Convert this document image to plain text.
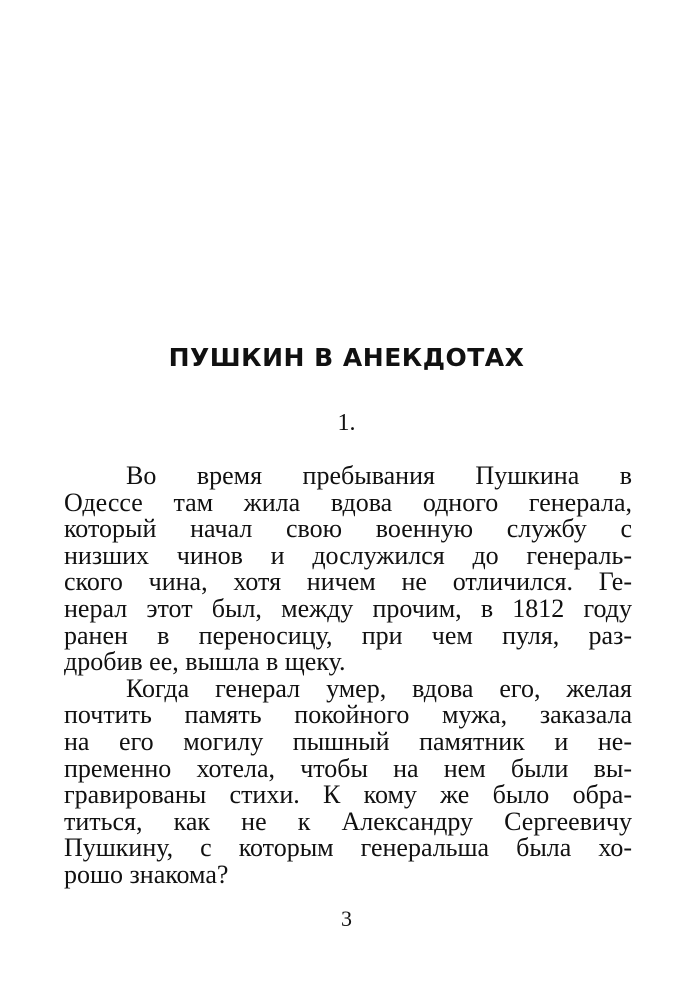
ПУШКИН В АНЕКДОТАХ
1.
Во время пребывания Пушкина в
Одессе там жила вдова одного генерала,
который начал свою военную службу с
низших чинов и дослужился до генераль-
ского чина, хотя ничем не отличился. Ге-
нерал этот был, между прочим, в 1812 году
ранен в переносицу, при чем пуля, раз-
дробив ее, вышла в щеку.
Когда генерал умер, вдова его, желая
почтить память покойного мужа, заказала
на его могилу пышный памятник и не-
пременно хотела, чтобы на нем были вы-
гравированы стихи. К кому же было обра-
титься, как не к Александру Сергеевичу
Пушкину, с которым генеральша была хо-
рошо знакома?
3
